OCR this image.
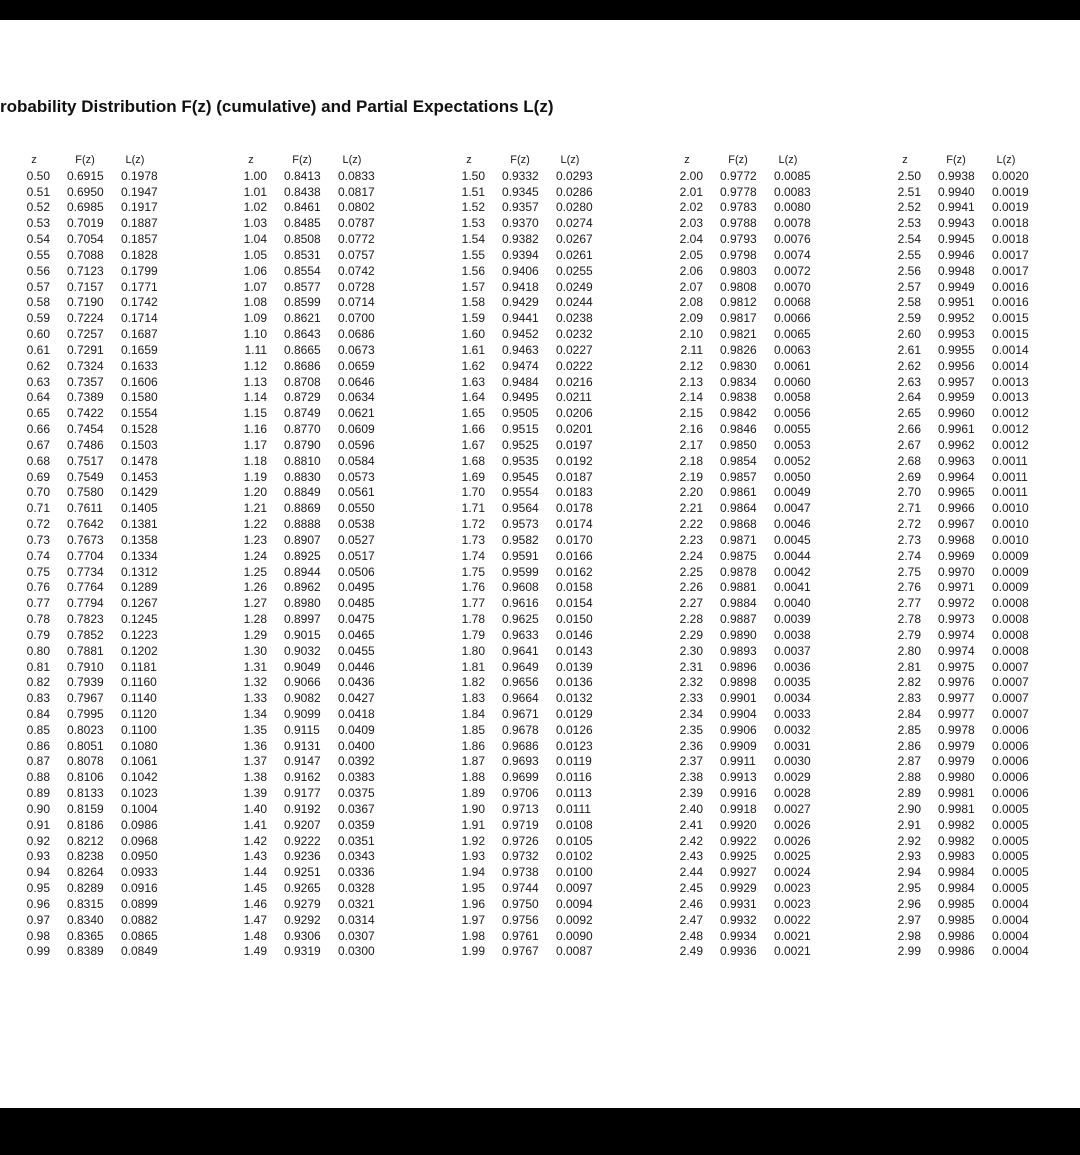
robability Distribution F(z) (cumulative) and Partial Expectations L(z)
z	F(z)	L(z)
0.50 0.6915	0.1978
0.51 0.6950	0.1947
0.52 0.6985	0.1917
0.53 0.7019	0.1887
0.54 0.7054	0.1857
0.55 0.7088	0.1828
0.56 0.7123	0.1799
0.57 0.7157	0.1771
0.58 0.7190	0.1742
0.59 0.7224	0.1714
0.60 0.7257	0.1687
0.61 0.7291	0.1659
0.62 0.7324	0.1633
0.63 0.7357	0.1606
0.64 0.7389	0.1580
0.65 0.7422	0.1554
0.66 0.7454	0.1528
0.67 0.7486	0.1503
0.68 0.7517	0.1478
0.69 0.7549	0.1453
0.70 0.7580	0.1429
0.71 0.7611	0.1405
0.72 0.7642	0.1381
0.73 0.7673	0.1358
0.74 0.7704	0.1334
0.75 0.7734	0.1312
0.76 0.7764	0.1289
0.77 0.7794	0.1267
0.78 0.7823	0.1245
0.79 0.7852	0.1223
0.80 0.7881	0.1202
0.81 0.7910	0.1181
0.82 0.7939	0.1160
0.83 0.7967	0.1140
0.84 0.7995	0.1120
0.85 0.8023	0.1100
0.86 0.8051	0.1080
0.87 0.8078	0.1061
0.88 0.8106	0.1042
0.89 0.8133	0.1023
0.90 0.8159	0.1004
0.91 0.8186	0.0986
0.92 0.8212	0.0968
0.93 0.8238	0.0950
0.94 0.8264	0.0933
0.95 0.8289	0.0916
0.96 0.8315	0.0899
0.97 0.8340	0.0882
0.98 0.8365	0.0865
0.99 0.8389	0.0849
z	F(z)	L(z)
1.00 0.8413	0.0833
1.01 0.8438	0.0817
1.02 0.8461	0.0802
1.03 0.8485	0.0787
1.04 0.8508	0.0772
1.05 0.8531	0.0757
1.06 0.8554	0.0742
1.07 0.8577	0.0728
1.08 0.8599	0.0714
1.09 0.8621	0.0700
1.10 0.8643	0.0686
1.11 0.8665	0.0673
1.12 0.8686	0.0659
1.13 0.8708	0.0646
1.14 0.8729	0.0634
1.15 0.8749	0.0621
1.16 0.8770	0.0609
1.17 0.8790	0.0596
1.18 0.8810	0.0584
1.19 0.8830	0.0573
1.20 0.8849	0.0561
1.21 0.8869	0.0550
1.22 0.8888	0.0538
1.23 0.8907	0.0527
1.24 0.8925	0.0517
1.25 0.8944	0.0506
1.26 0.8962	0.0495
1.27 0.8980	0.0485
1.28 0.8997	0.0475
1.29 0.9015	0.0465
1.30 0.9032	0.0455
1.31 0.9049	0.0446
1.32 0.9066	0.0436
1.33 0.9082	0.0427
1.34 0.9099	0.0418
1.35 0.9115	0.0409
1.36 0.9131	0.0400
1.37 0.9147	0.0392
1.38 0.9162	0.0383
1.39 0.9177	0.0375
1.40 0.9192	0.0367
1.41 0.9207	0.0359
1.42 0.9222	0.0351
1.43 0.9236	0.0343
1.44 0.9251	0.0336
1.45 0.9265	0.0328
1.46 0.9279	0.0321
1.47 0.9292	0.0314
1.48 0.9306	0.0307
1.49 0.9319	0.0300
z	F(z)	L(z)
1.50 0.9332	0.0293
1.51 0.9345	0.0286
1.52 0.9357	0.0280
1.53 0.9370	0.0274
1.54 0.9382	0.0267
1.55 0.9394	0.0261
1.56 0.9406	0.0255
1.57 0.9418	0.0249
1.58 0.9429	0.0244
1.59 0.9441	0.0238
1.60 0.9452	0.0232
1.61 0.9463	0.0227
1.62 0.9474	0.0222
1.63 0.9484	0.0216
1.64 0.9495	0.0211
1.65 0.9505	0.0206
1.66 0.9515	0.0201
1.67 0.9525	0.0197
1.68 0.9535	0.0192
1.69 0.9545	0.0187
1.70 0.9554	0.0183
1.71 0.9564	0.0178
1.72 0.9573	0.0174
1.73 0.9582	0.0170
1.74 0.9591	0.0166
1.75 0.9599	0.0162
1.76 0.9608	0.0158
1.77 0.9616	0.0154
1.78 0.9625	0.0150
1.79 0.9633	0.0146
1.80 0.9641	0.0143
1.81 0.9649	0.0139
1.82 0.9656	0.0136
1.83 0.9664	0.0132
1.84 0.9671	0.0129
1.85 0.9678	0.0126
1.86 0.9686	0.0123
1.87 0.9693	0.0119
1.88 0.9699	0.0116
1.89 0.9706	0.0113
1.90 0.9713	0.0111
1.91 0.9719	0.0108
1.92 0.9726	0.0105
1.93 0.9732	0.0102
1.94 0.9738	0.0100
1.95 0.9744	0.0097
1.96 0.9750	0.0094
1.97 0.9756	0.0092
1.98 0.9761	0.0090
1.99 0.9767	0.0087
z	F(z)	L(z)
2.00 0.9772	0.0085
2.01 0.9778	0.0083
2.02 0.9783	0.0080
2.03 0.9788	0.0078
2.04 0.9793	0.0076
2.05 0.9798	0.0074
2.06 0.9803	0.0072
2.07 0.9808	0.0070
2.08 0.9812	0.0068
2.09 0.9817	0.0066
2.10 0.9821	0.0065
2.11 0.9826	0.0063
2.12 0.9830	0.0061
2.13 0.9834	0.0060
2.14 0.9838	0.0058
2.15 0.9842	0.0056
2.16 0.9846	0.0055
2.17 0.9850	0.0053
2.18 0.9854	0.0052
2.19 0.9857	0.0050
2.20 0.9861	0.0049
2.21 0.9864	0.0047
2.22 0.9868	0.0046
2.23 0.9871	0.0045
2.24 0.9875	0.0044
2.25 0.9878	0.0042
2.26 0.9881	0.0041
2.27 0.9884	0.0040
2.28 0.9887	0.0039
2.29 0.9890	0.0038
2.30 0.9893	0.0037
2.31 0.9896	0.0036
2.32 0.9898	0.0035
2.33 0.9901	0.0034
2.34 0.9904	0.0033
2.35 0.9906	0.0032
2.36 0.9909	0.0031
2.37 0.9911	0.0030
2.38 0.9913	0.0029
2.39 0.9916	0.0028
2.40 0.9918	0.0027
2.41 0.9920	0.0026
2.42 0.9922	0.0026
2.43 0.9925	0.0025
2.44 0.9927	0.0024
2.45 0.9929	0.0023
2.46 0.9931	0.0023
2.47 0.9932	0.0022
2.48 0.9934	0.0021
2.49 0.9936	0.0021
z	F(z)	L(z)
2.50 0.9938	0.0020
2.51 0.9940	0.0019
2.52 0.9941	0.0019
2.53 0.9943	0.0018
2.54 0.9945	0.0018
2.55 0.9946	0.0017
2.56 0.9948	0.0017
2.57 0.9949	0.0016
2.58 0.9951	0.0016
2.59 0.9952	0.0015
2.60 0.9953	0.0015
2.61 0.9955	0.0014
2.62 0.9956	0.0014
2.63 0.9957	0.0013
2.64 0.9959	0.0013
2.65 0.9960	0.0012
2.66 0.9961	0.0012
2.67 0.9962	0.0012
2.68 0.9963	0.0011
2.69 0.9964	0.0011
2.70 0.9965	0.0011
2.71 0.9966	0.0010
2.72 0.9967	0.0010
2.73 0.9968	0.0010
2.74 0.9969	0.0009
2.75 0.9970	0.0009
2.76 0.9971	0.0009
2.77 0.9972	0.0008
2.78 0.9973	0.0008
2.79 0.9974	0.0008
2.80 0.9974	0.0008
2.81 0.9975	0.0007
2.82 0.9976	0.0007
2.83 0.9977	0.0007
2.84 0.9977	0.0007
2.85 0.9978	0.0006
2.86 0.9979	0.0006
2.87 0.9979	0.0006
2.88 0.9980	0.0006
2.89 0.9981	0.0006
2.90 0.9981	0.0005
2.91 0.9982	0.0005
2.92 0.9982	0.0005
2.93 0.9983	0.0005
2.94 0.9984	0.0005
2.95 0.9984	0.0005
2.96 0.9985	0.0004
2.97 0.9985	0.0004
2.98 0.9986	0.0004
2.99 0.9986	0.0004
